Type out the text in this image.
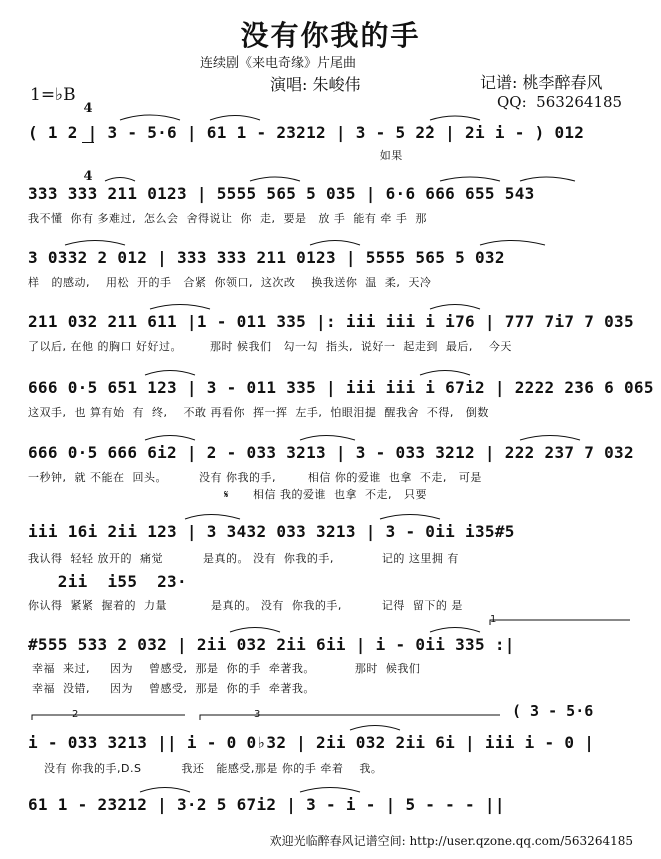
没有你我的手
连续剧《来电奇缘》片尾曲
演唱: 朱峻伟	记谱: 桃李醉春风
QQ:  563264185
1=♭B

4

4

( 1 2 | 3 - 5·6 | 61 1 - 23212 | 3 - 5 2̇2 | 2i i - ) 012
如果
333 333 211 0123 | 5555 565 5 035 | 6·6 666 655 543
我不懂  你有 多难过,  怎么会  舍得说让  你  走,  要是   放 手  能有 牵 手  那
3 0332 2 012 | 333 333 211 0123 | 5555 565 5 032
样   的感动,    用松  开的手   合紧  你领口,  这次改    换我送你  温  柔,  天冷
211 032 211 611 |1 - 011 335 |: iii iii i i76 | 777 7i7 7 035
了以后, 在他 的胸口 好好过。       那时 候我们   勾一勾  指头,  说好一  起走到  最后,    今天
666 0·5 651 123 | 3 - 011 335 | iii iii i 67i2 | 2222 236 6 065
这双手,  也 算有始  有  终,    不敢 再看你  挥一挥  左手,  怕眼泪提  醒我舍  不得,   倒数
666 0·5 666 6i2 | 2 - 033 3213 | 3 - 033 3212 | 222 237 7 032
一秒钟,  就 不能在  回头。        没有 你我的手,        相信 你的爱谁  也拿  不走,   可是
𝄋      相信 我的爱谁  也拿  不走,   只要
iii 16i 2ii 123 | 3 3432 033 3213 | 3 - 0ii i35#5
我认得  轻轻 放开的  痛觉          是真的。 没有  你我的手,            记的 这里拥 有
2ii  i55  23·
你认得  紧紧  握着的  力量           是真的。 没有  你我的手,          记得  留下的 是
#555 533 2 032 | 2ii 032 2ii 6ii | i - 0ii 335 :|
幸福  来过,     因为    曾感受,  那是  你的手  牵著我。          那时  候我们
幸福  没错,     因为    曾感受,  那是  你的手  牵著我。
( 3 - 5·6
2	3
1
i - 033 3213 || i - 0 0♭32 | 2ii 032 2ii 6i | iii i - 0 |
没有 你我的手,D.S          我还   能感受,那是 你的手 牵着    我。
61 1 - 23212 | 3·2 5 67i2 | 3 - i - | 5 - - - ||
欢迎光临醉春风记谱空间: http://user.qzone.qq.com/563264185
